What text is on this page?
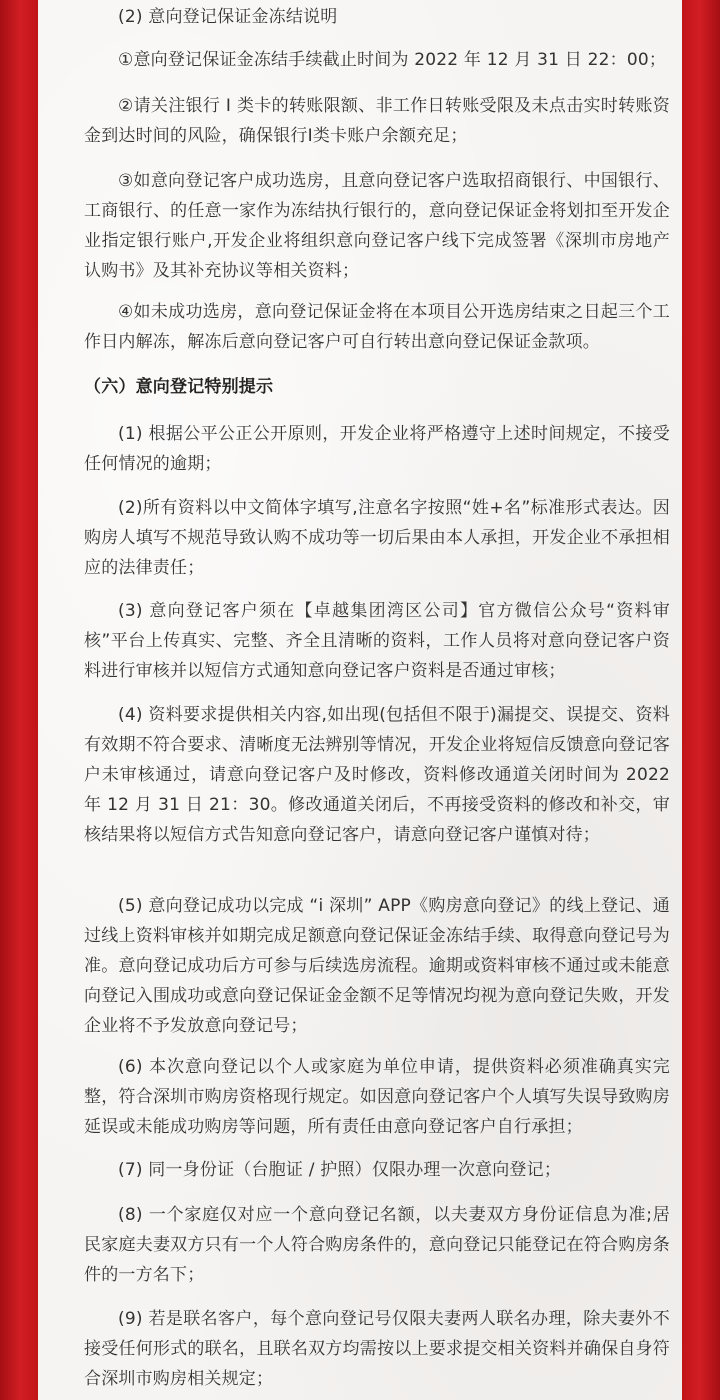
(2) 意向登记保证金冻结说明

①意向登记保证金冻结手续截止时间为 2022 年 12 月 31 日 22：00；

②请关注银行 Ⅰ 类卡的转账限额、非工作日转账受限及未点击实时转账资金到达时间的风险，确保银行Ⅰ类卡账户余额充足；

③如意向登记客户成功选房，且意向登记客户选取招商银行、中国银行、工商银行、的任意一家作为冻结执行银行的，意向登记保证金将划扣至开发企业指定银行账户,开发企业将组织意向登记客户线下完成签署《深圳市房地产认购书》及其补充协议等相关资料；

④如未成功选房，意向登记保证金将在本项目公开选房结束之日起三个工作日内解冻，解冻后意向登记客户可自行转出意向登记保证金款项。

（六）意向登记特别提示

(1) 根据公平公正公开原则，开发企业将严格遵守上述时间规定，不接受任何情况的逾期；

(2)所有资料以中文简体字填写,注意名字按照“姓+名”标准形式表达。因购房人填写不规范导致认购不成功等一切后果由本人承担，开发企业不承担相应的法律责任；

(3) 意向登记客户须在【卓越集团湾区公司】官方微信公众号“资料审核”平台上传真实、完整、齐全且清晰的资料，工作人员将对意向登记客户资料进行审核并以短信方式通知意向登记客户资料是否通过审核；

(4) 资料要求提供相关内容,如出现(包括但不限于)漏提交、误提交、资料有效期不符合要求、清晰度无法辨别等情况，开发企业将短信反馈意向登记客户未审核通过，请意向登记客户及时修改，资料修改通道关闭时间为 2022 年 12 月 31 日 21：30。修改通道关闭后，不再接受资料的修改和补交，审核结果将以短信方式告知意向登记客户，请意向登记客户谨慎对待；

(5) 意向登记成功以完成 “i 深圳” APP《购房意向登记》的线上登记、通过线上资料审核并如期完成足额意向登记保证金冻结手续、取得意向登记号为准。意向登记成功后方可参与后续选房流程。逾期或资料审核不通过或未能意向登记入围成功或意向登记保证金金额不足等情况均视为意向登记失败，开发企业将不予发放意向登记号；

(6) 本次意向登记以个人或家庭为单位申请，提供资料必须准确真实完整，符合深圳市购房资格现行规定。如因意向登记客户个人填写失误导致购房延误或未能成功购房等问题，所有责任由意向登记客户自行承担；

(7) 同一身份证（台胞证 / 护照）仅限办理一次意向登记；

(8) 一个家庭仅对应一个意向登记名额，以夫妻双方身份证信息为准;居民家庭夫妻双方只有一个人符合购房条件的，意向登记只能登记在符合购房条件的一方名下；

(9) 若是联名客户，每个意向登记号仅限夫妻两人联名办理，除夫妻外不接受任何形式的联名，且联名双方均需按以上要求提交相关资料并确保自身符合深圳市购房相关规定；
